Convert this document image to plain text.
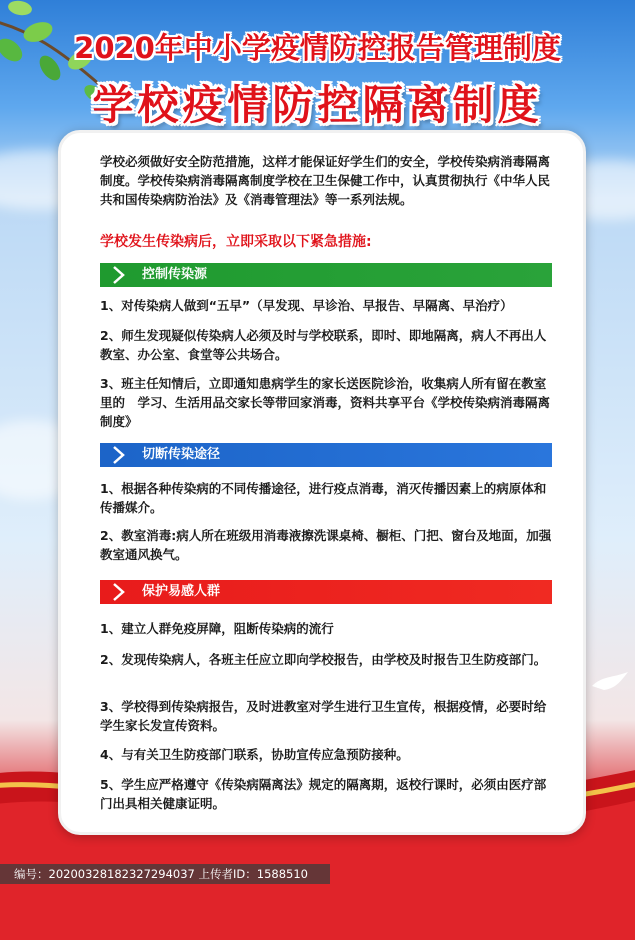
2020年中小学疫情防控报告管理制度
学校疫情防控隔离制度
学校必须做好安全防范措施，这样才能保证好学生们的安全，学校传染病消毒隔离制度。学校传染病消毒隔离制度学校在卫生保健工作中，认真贯彻执行《中华人民共和国传染病防治法》及《消毒管理法》等一系列法规。
学校发生传染病后，立即采取以下紧急措施:
控制传染源
1、对传染病人做到“五早”（早发现、早诊治、早报告、早隔离、早治疗）
2、师生发现疑似传染病人必须及时与学校联系，即时、即地隔离，病人不再出人教室、办公室、食堂等公共场合。
3、班主任知情后，立即通知患病学生的家长送医院诊治，收集病人所有留在教室里的　学习、生活用品交家长等带回家消毒，资料共享平台《学校传染病消毒隔离制度》
切断传染途径
1、根据各种传染病的不同传播途径，进行疫点消毒，消灭传播因素上的病原体和传播媒介。
2、教室消毒:病人所在班级用消毒液擦洗课桌椅、橱柜、门把、窗台及地面，加强教室通风换气。
保护易感人群
1、建立人群免疫屏障，阻断传染病的流行
2、发现传染病人，各班主任应立即向学校报告，由学校及时报告卫生防疫部门。
3、学校得到传染病报告，及时进教室对学生进行卫生宣传，根据疫情，必要时给学生家长发宣传资料。
4、与有关卫生防疫部门联系，协助宣传应急预防接种。
5、学生应严格遵守《传染病隔离法》规定的隔离期，返校行课时，必须由医疗部门出具相关健康证明。
编号：20200328182327294037 上传者ID：1588510
